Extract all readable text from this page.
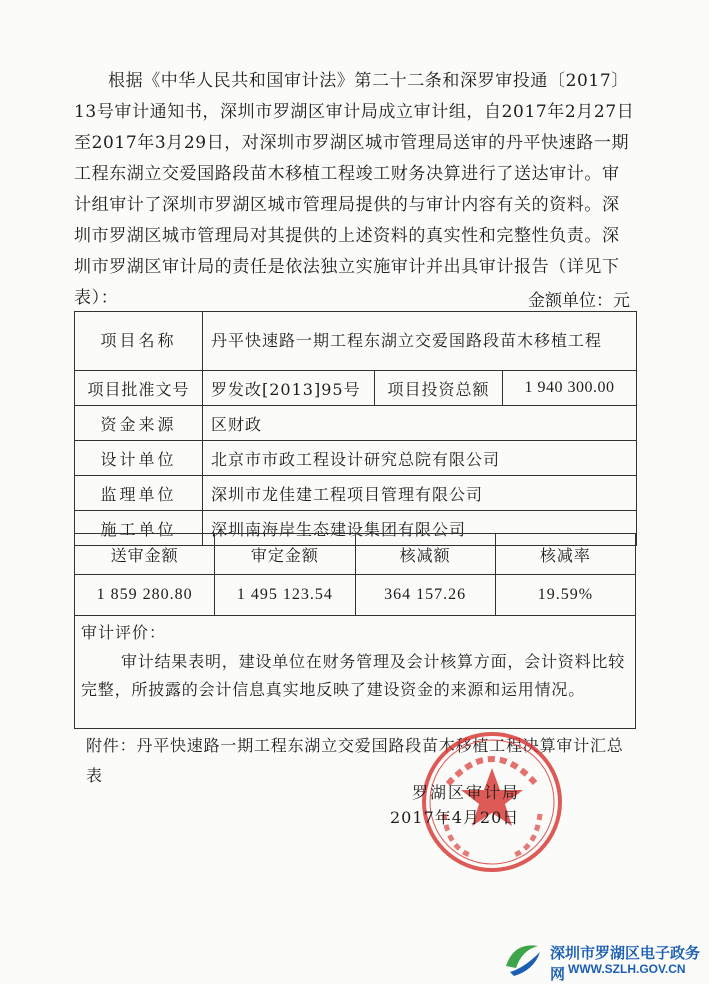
根据《中华人民共和国审计法》第二十二条和深罗审投通〔2017〕13号审计通知书，深圳市罗湖区审计局成立审计组，自2017年2月27日至2017年3月29日，对深圳市罗湖区城市管理局送审的丹平快速路一期工程东湖立交爱国路段苗木移植工程竣工财务决算进行了送达审计。审计组审计了深圳市罗湖区城市管理局提供的与审计内容有关的资料。深圳市罗湖区城市管理局对其提供的上述资料的真实性和完整性负责。深圳市罗湖区审计局的责任是依法独立实施审计并出具审计报告（详见下表）：	金额单位：元
项目名称	丹平快速路一期工程东湖立交爱国路段苗木移植工程		
项目批准文号	罗发改[2013]95号	项目投资总额	1 940 300.00
资金来源	区财政		
设计单位	北京市市政工程设计研究总院有限公司		
监理单位	深圳市龙佳建工程项目管理有限公司		
施工单位	深圳南海岸生态建设集团有限公司		
送审金额	审定金额	核减额	核减率
1 859 280.80	1 495 123.54	364 157.26	19.59%
审计评价：

审计结果表明，建设单位在财务管理及会计核算方面，会计资料比较完整，所披露的会计信息真实地反映了建设资金的来源和运用情况。

附件：丹平快速路一期工程东湖立交爱国路段苗木移植工程决算审计汇总表

罗湖区审计局
2017年4月20日
深圳市罗湖区电子政务网 WWW.SZLH.GOV.CN
